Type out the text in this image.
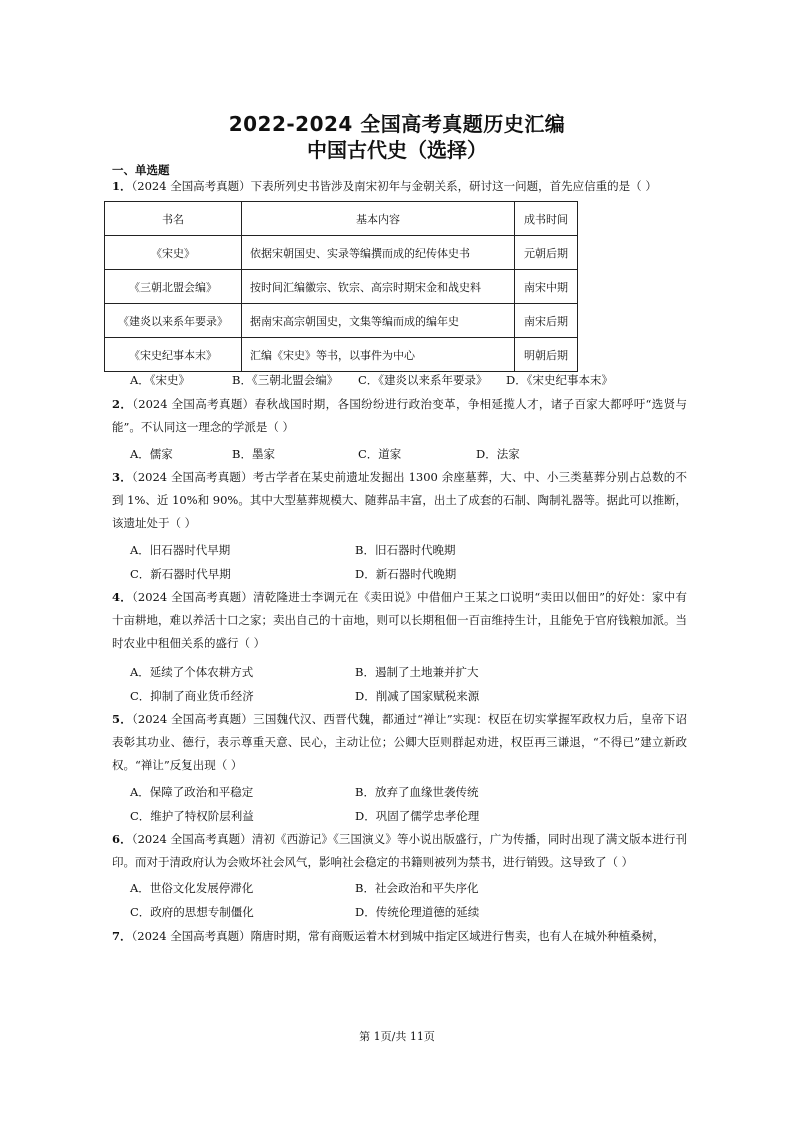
2022-2024 全国高考真题历史汇编
中国古代史（选择）
一、单选题
1．（2024 全国高考真题）下表所列史书皆涉及南宋初年与金朝关系，研讨这一问题，首先应信重的是（ ）
书名	基本内容	成书时间
《宋史》	依据宋朝国史、实录等编撰而成的纪传体史书	元朝后期
《三朝北盟会编》	按时间汇编徽宗、钦宗、高宗时期宋金和战史料	南宋中期
《建炎以来系年要录》	据南宋高宗朝国史，文集等编而成的编年史	南宋后期
《宋史纪事本末》	汇编《宋史》等书，以事件为中心	明朝后期
A．《宋史》	B．《三朝北盟会编》 C．《建炎以来系年要录》 D．《宋史纪事本末》
2．（2024 全国高考真题）春秋战国时期，各国纷纷进行政治变革，争相延揽人才，诸子百家大都呼吁“选贤与能”。不认同这一理念的学派是（ ）
A．儒家	B．墨家	C．道家	D．法家
3．（2024 全国高考真题）考古学者在某史前遗址发掘出 1300 余座墓葬，大、中、小三类墓葬分别占总数的不到 1%、近 10%和 90%。其中大型墓葬规模大、随葬品丰富，出土了成套的石制、陶制礼器等。据此可以推断，该遗址处于（ ）
A．旧石器时代早期	B．旧石器时代晚期
C．新石器时代早期	D．新石器时代晚期
4．（2024 全国高考真题）清乾隆进士李调元在《卖田说》中借佃户王某之口说明“卖田以佃田”的好处：家中有十亩耕地，难以养活十口之家；卖出自己的十亩地，则可以长期租佃一百亩维持生计，且能免于官府钱粮加派。当时农业中租佃关系的盛行（ ）
A．延续了个体农耕方式	B．遏制了土地兼并扩大
C．抑制了商业货币经济	D．削减了国家赋税来源
5．（2024 全国高考真题）三国魏代汉、西晋代魏，都通过“禅让”实现：权臣在切实掌握军政权力后，皇帝下诏表彰其功业、德行，表示尊重天意、民心，主动让位；公卿大臣则群起劝进，权臣再三谦退，“不得已”建立新政权。“禅让”反复出现（ ）
A．保障了政治和平稳定	B．放弃了血缘世袭传统
C．维护了特权阶层利益	D．巩固了儒学忠孝伦理
6．（2024 全国高考真题）清初《西游记》《三国演义》等小说出版盛行，广为传播，同时出现了满文版本进行刊印。而对于清政府认为会败坏社会风气，影响社会稳定的书籍则被列为禁书，进行销毁。这导致了（ ）
A．世俗文化发展停滞化	B．社会政治和平失序化
C．政府的思想专制僵化	D．传统伦理道德的延续
7．（2024 全国高考真题）隋唐时期，常有商贩运着木材到城中指定区域进行售卖，也有人在城外种植桑树，
第 1页/共 11页
